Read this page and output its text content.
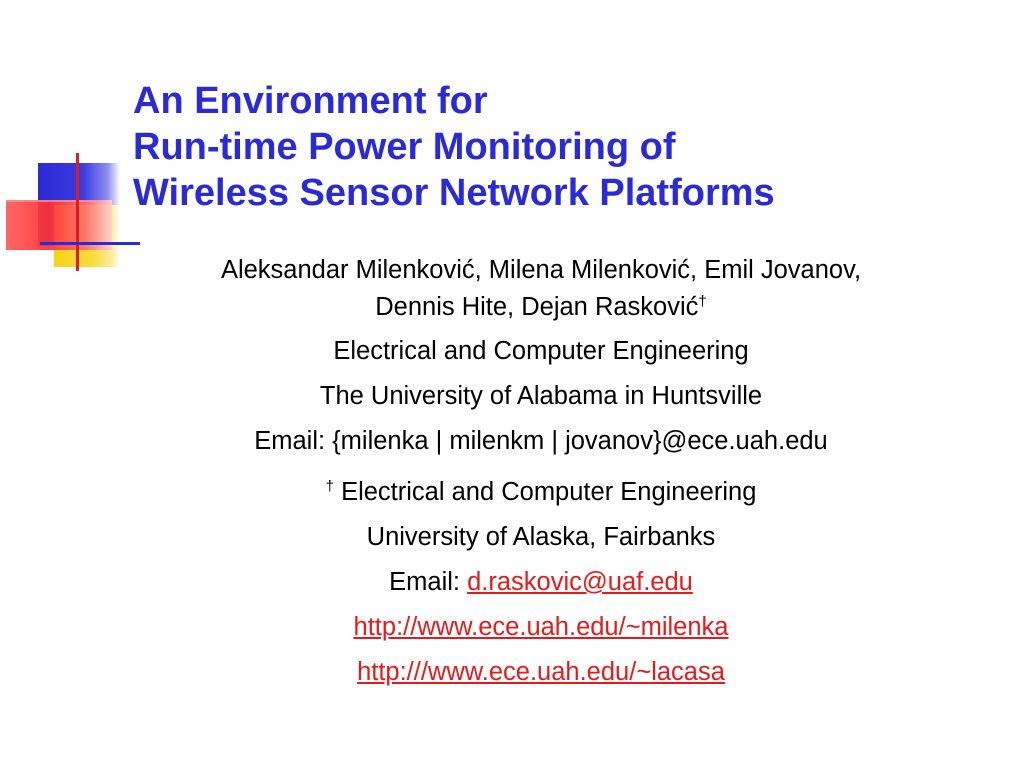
An Environment for
Run-time Power Monitoring of
Wireless Sensor Network Platforms

Aleksandar Milenković, Milena Milenković, Emil Jovanov,
Dennis Hite, Dejan Rasković†

Electrical and Computer Engineering

The University of Alabama in Huntsville

Email: {milenka | milenkm | jovanov}@ece.uah.edu

† Electrical and Computer Engineering

University of Alaska, Fairbanks

Email: d.raskovic@uaf.edu

http://www.ece.uah.edu/~milenka

http:///www.ece.uah.edu/~lacasa
